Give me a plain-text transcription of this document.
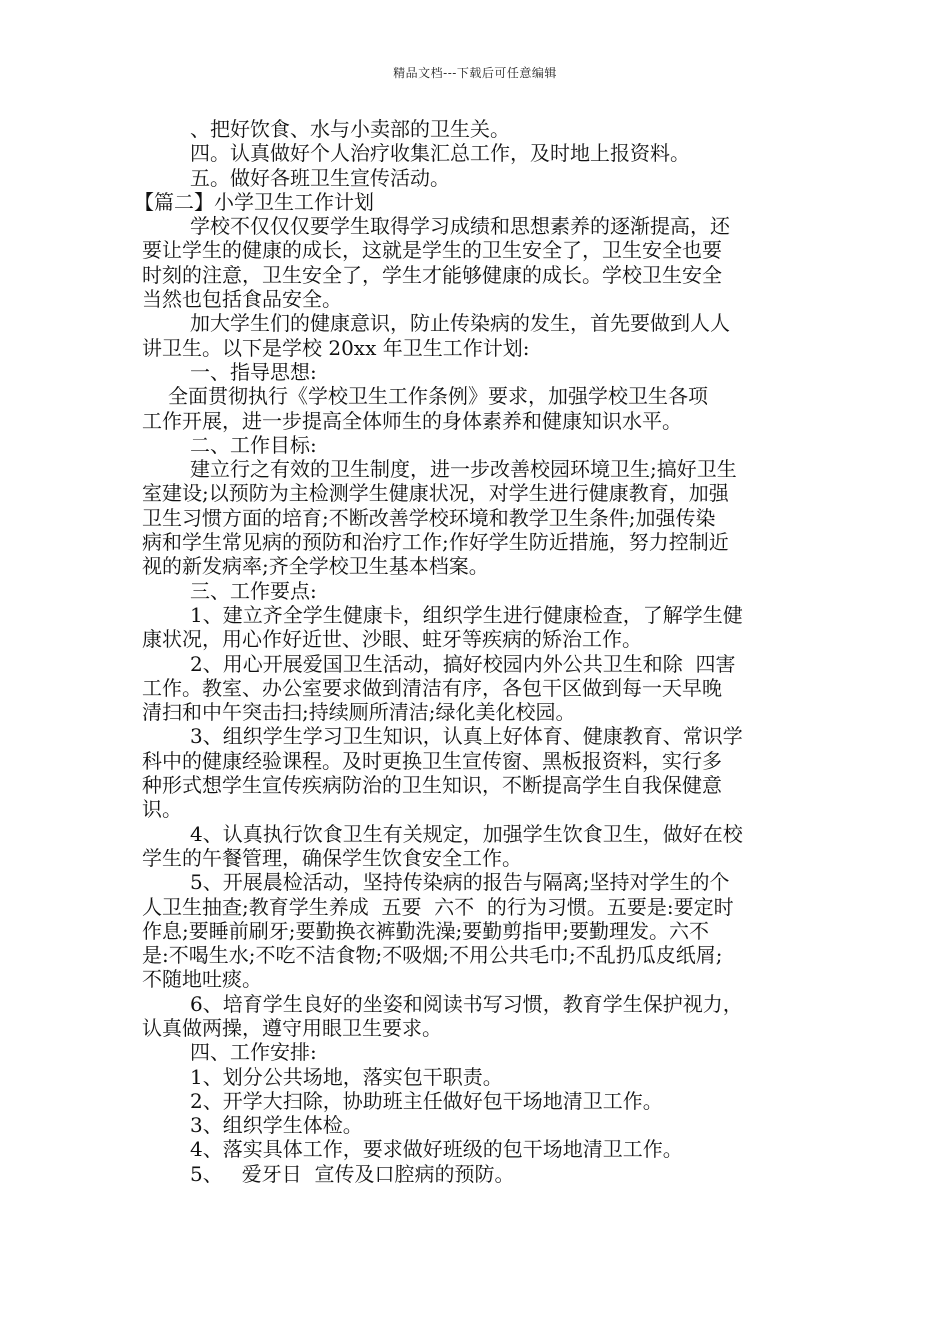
精品文档---下载后可任意编辑
、把好饮食、水与小卖部的卫生关。
四。认真做好个人治疗收集汇总工作，及时地上报资料。
五。做好各班卫生宣传活动。
【篇二】小学卫生工作计划
学校不仅仅仅要学生取得学习成绩和思想素养的逐渐提高，还
要让学生的健康的成长，这就是学生的卫生安全了，卫生安全也要
时刻的注意，卫生安全了，学生才能够健康的成长。学校卫生安全
当然也包括食品安全。
加大学生们的健康意识，防止传染病的发生，首先要做到人人
讲卫生。以下是学校 20xx 年卫生工作计划:
一、指导思想:
全面贯彻执行《学校卫生工作条例》要求，加强学校卫生各项
工作开展，进一步提高全体师生的身体素养和健康知识水平。
二、工作目标:
建立行之有效的卫生制度，进一步改善校园环境卫生;搞好卫生
室建设;以预防为主检测学生健康状况，对学生进行健康教育，加强
卫生习惯方面的培育;不断改善学校环境和教学卫生条件;加强传染
病和学生常见病的预防和治疗工作;作好学生防近措施，努力控制近
视的新发病率;齐全学校卫生基本档案。
三、工作要点:
1、建立齐全学生健康卡，组织学生进行健康检查，了解学生健
康状况，用心作好近世、沙眼、蛀牙等疾病的矫治工作。
2、用心开展爱国卫生活动，搞好校园内外公共卫生和除  四害
工作。教室、办公室要求做到清洁有序，各包干区做到每一天早晚
清扫和中午突击扫;持续厕所清洁;绿化美化校园。
3、组织学生学习卫生知识，认真上好体育、健康教育、常识学
科中的健康经验课程。及时更换卫生宣传窗、黑板报资料，实行多
种形式想学生宣传疾病防治的卫生知识，不断提高学生自我保健意
识。
4、认真执行饮食卫生有关规定，加强学生饮食卫生，做好在校
学生的午餐管理，确保学生饮食安全工作。
5、开展晨检活动，坚持传染病的报告与隔离;坚持对学生的个
人卫生抽查;教育学生养成  五要  六不  的行为习惯。五要是:要定时
作息;要睡前刷牙;要勤换衣裤勤洗澡;要勤剪指甲;要勤理发。六不
是:不喝生水;不吃不洁食物;不吸烟;不用公共毛巾;不乱扔瓜皮纸屑;
不随地吐痰。
6、培育学生良好的坐姿和阅读书写习惯，教育学生保护视力，
认真做两操，遵守用眼卫生要求。
四、工作安排:
1、划分公共场地，落实包干职责。
2、开学大扫除，协助班主任做好包干场地清卫工作。
3、组织学生体检。
4、落实具体工作，要求做好班级的包干场地清卫工作。
5、   爱牙日  宣传及口腔病的预防。
